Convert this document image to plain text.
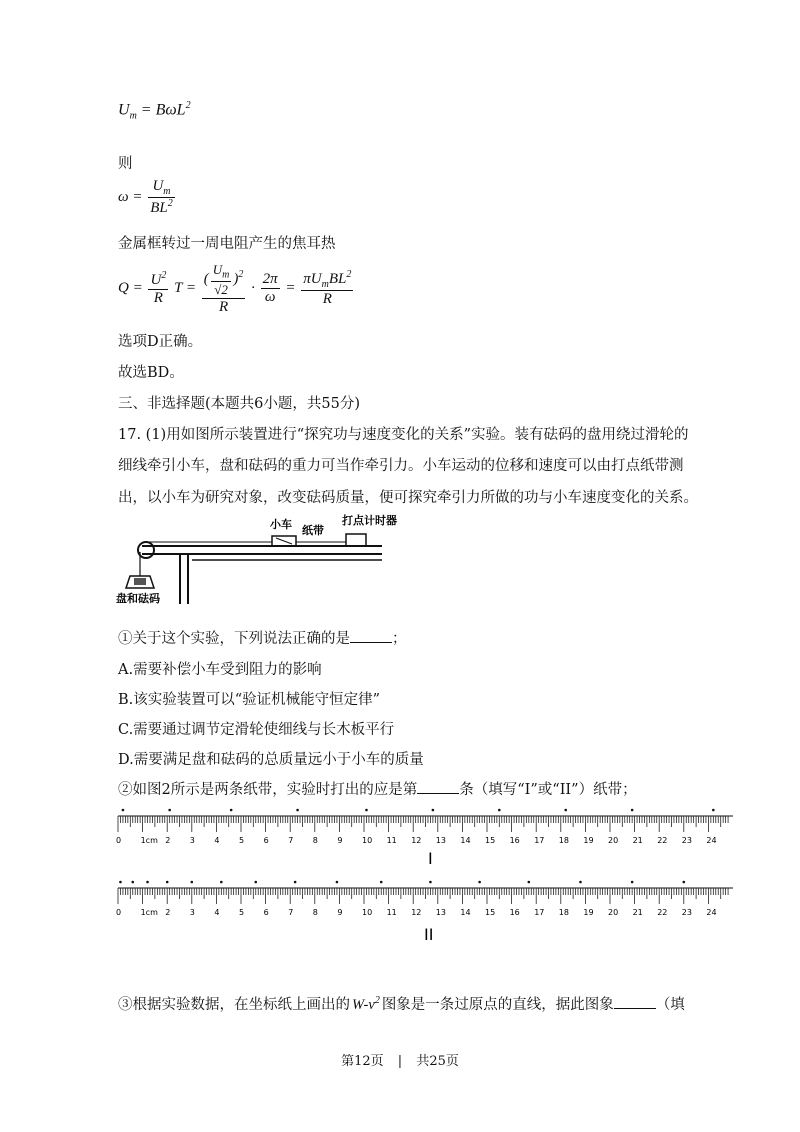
$U_m = B\omega L^2$
则
$\omega = \frac{U_m}{BL^2}$
金属框转过一周电阻产生的焦耳热
$Q = \frac{U^2}{R}$ $T = \frac{( \frac{U_m}{√2} )^2}{R} \cdot \frac{2\pi}{\omega} = \frac{\pi U_mBL^2}{R}$
选项D正确。
故选BD。
三、非选择题(本题共6小题，共55分)
17. (1)用如图所示装置进行“探究功与速度变化的关系”实验。装有砝码的盘用绕过滑轮的
细线牵引小车，盘和砝码的重力可当作牵引力。小车运动的位移和速度可以由打点纸带测
出，以小车为研究对象，改变砝码质量，便可探究牵引力所做的功与小车速度变化的关系。
小车 纸带
打点计时器
盘和砝码
①关于这个实验，下列说法正确的是	；
A.需要补偿小车受到阻力的影响
B.该实验装置可以“验证机械能守恒定律”
C.需要通过调节定滑轮使细线与长木板平行
D.需要满足盘和砝码的总质量远小于小车的质量
②如图2所示是两条纸带，实验时打出的应是第	条（填写“I”或“II”）纸带；
0 1cm 2 3 4 5 6 7 8 9 10 11 12 13 14 15 16 17 18 19 20 21 22 23 24
I
0 1cm 2 3 4 5 6 7 8 9 10 11 12 13 14 15 16 17 18 19 20 21 22 23 24
II
③根据实验数据，在坐标纸上画出的 $W-v^2$ 图象是一条过原点的直线，据此图象	（填
第12页 | 共25页
